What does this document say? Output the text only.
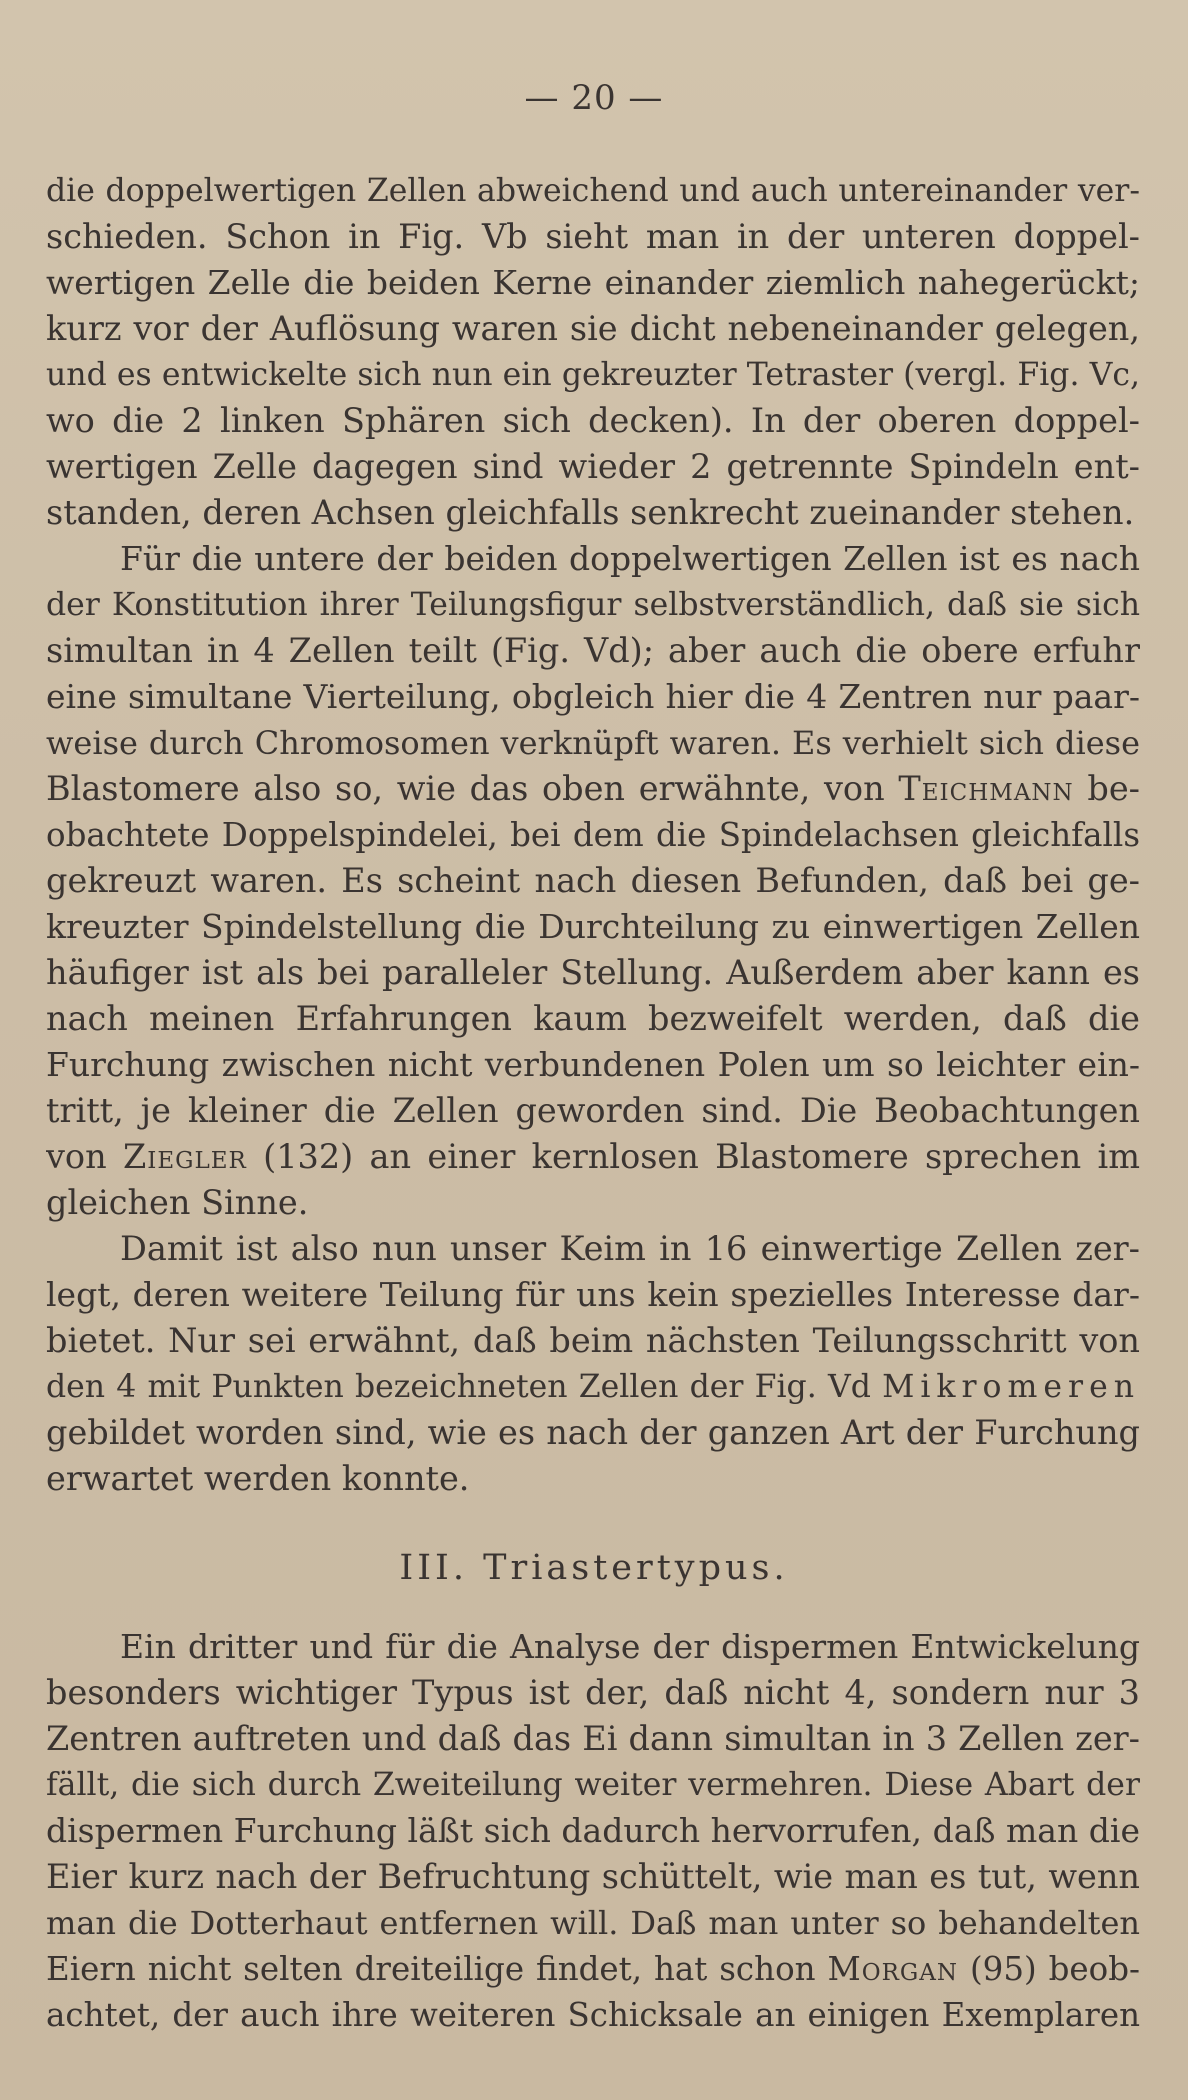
— 20 —
die doppelwertigen Zellen abweichend und auch untereinander ver-
schieden. Schon in Fig. Vb sieht man in der unteren doppel-
wertigen Zelle die beiden Kerne einander ziemlich nahegerückt;
kurz vor der Auflösung waren sie dicht nebeneinander gelegen,
und es entwickelte sich nun ein gekreuzter Tetraster (vergl. Fig. Vc,
wo die 2 linken Sphären sich decken). In der oberen doppel-
wertigen Zelle dagegen sind wieder 2 getrennte Spindeln ent-
standen, deren Achsen gleichfalls senkrecht zueinander stehen.
Für die untere der beiden doppelwertigen Zellen ist es nach
der Konstitution ihrer Teilungsfigur selbstverständlich, daß sie sich
simultan in 4 Zellen teilt (Fig. Vd); aber auch die obere erfuhr
eine simultane Vierteilung, obgleich hier die 4 Zentren nur paar-
weise durch Chromosomen verknüpft waren. Es verhielt sich diese
Blastomere also so, wie das oben erwähnte, von Teichmann be-
obachtete Doppelspindelei, bei dem die Spindelachsen gleichfalls
gekreuzt waren. Es scheint nach diesen Befunden, daß bei ge-
kreuzter Spindelstellung die Durchteilung zu einwertigen Zellen
häufiger ist als bei paralleler Stellung. Außerdem aber kann es
nach meinen Erfahrungen kaum bezweifelt werden, daß die
Furchung zwischen nicht verbundenen Polen um so leichter ein-
tritt, je kleiner die Zellen geworden sind. Die Beobachtungen
von Ziegler (132) an einer kernlosen Blastomere sprechen im
gleichen Sinne.
Damit ist also nun unser Keim in 16 einwertige Zellen zer-
legt, deren weitere Teilung für uns kein spezielles Interesse dar-
bietet. Nur sei erwähnt, daß beim nächsten Teilungsschritt von
den 4 mit Punkten bezeichneten Zellen der Fig. Vd Mikromeren
gebildet worden sind, wie es nach der ganzen Art der Furchung
erwartet werden konnte.
III. Triastertypus.
Ein dritter und für die Analyse der dispermen Entwickelung
besonders wichtiger Typus ist der, daß nicht 4, sondern nur 3
Zentren auftreten und daß das Ei dann simultan in 3 Zellen zer-
fällt, die sich durch Zweiteilung weiter vermehren. Diese Abart der
dispermen Furchung läßt sich dadurch hervorrufen, daß man die
Eier kurz nach der Befruchtung schüttelt, wie man es tut, wenn
man die Dotterhaut entfernen will. Daß man unter so behandelten
Eiern nicht selten dreiteilige findet, hat schon Morgan (95) beob-
achtet, der auch ihre weiteren Schicksale an einigen Exemplaren
